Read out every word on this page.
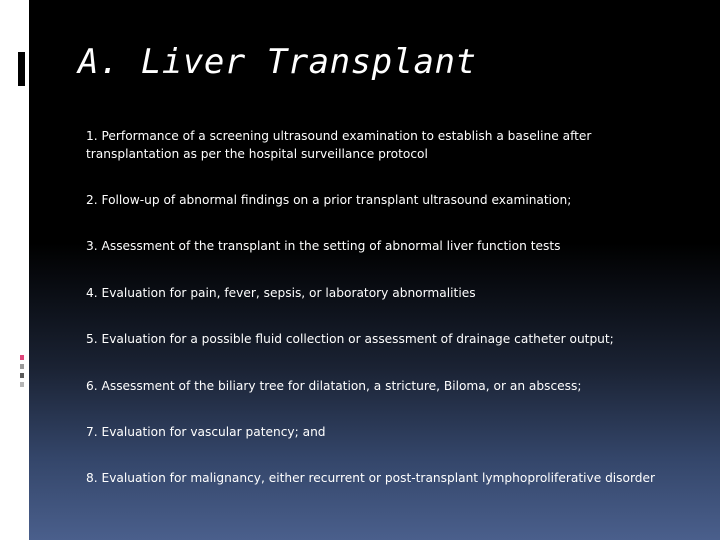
A. Liver Transplant
1. Performance of a screening ultrasound examination to establish a baseline after transplantation as per the hospital surveillance protocol
2. Follow-up of abnormal findings on a prior transplant ultrasound examination;
3. Assessment of the transplant in the setting of abnormal liver function tests
4. Evaluation for pain, fever, sepsis, or laboratory abnormalities
5. Evaluation for a possible fluid collection or assessment of drainage catheter output;
6. Assessment of the biliary tree for dilatation, a stricture, Biloma, or an abscess;
7. Evaluation for vascular patency; and
8. Evaluation for malignancy, either recurrent or post-transplant lymphoproliferative disorder
